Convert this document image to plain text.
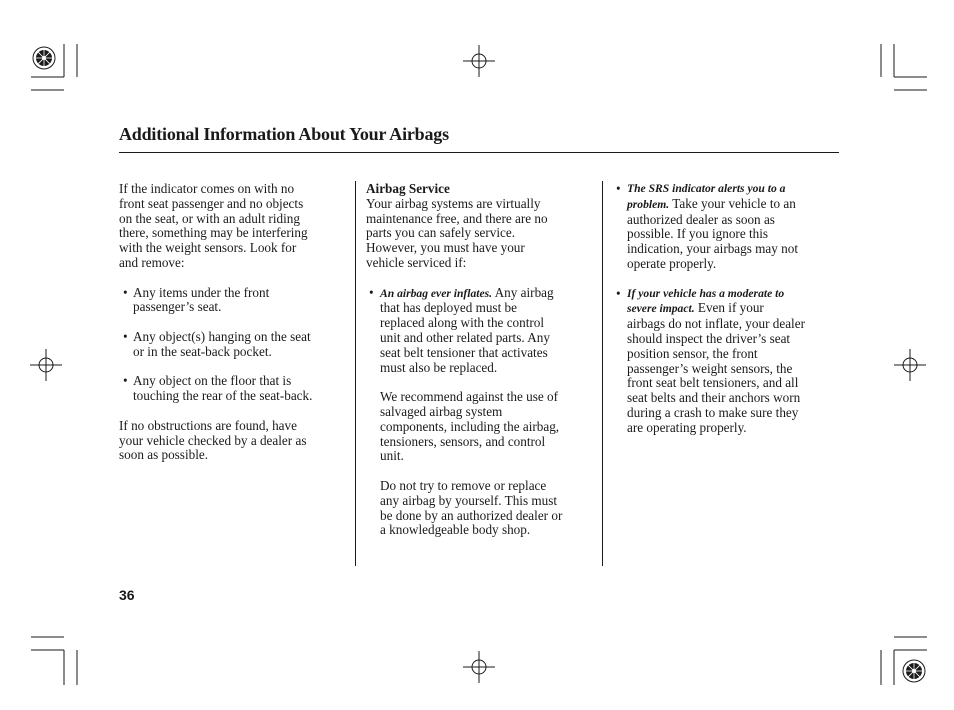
Additional Information About Your Airbags

If the indicator comes on with no
front seat passenger and no objects
on the seat, or with an adult riding
there, something may be interfering
with the weight sensors. Look for
and remove:

• Any items under the front
passenger’s seat.
• Any object(s) hanging on the seat
or in the seat-back pocket.
• Any object on the floor that is
touching the rear of the seat-back.

If no obstructions are found, have
your vehicle checked by a dealer as
soon as possible.

Airbag Service

Your airbag systems are virtually
maintenance free, and there are no
parts you can safely service.
However, you must have your
vehicle serviced if:

• An airbag ever inflates. Any airbag
that has deployed must be
replaced along with the control
unit and other related parts. Any
seat belt tensioner that activates
must also be replaced.

We recommend against the use of
salvaged airbag system
components, including the airbag,
tensioners, sensors, and control
unit.

Do not try to remove or replace
any airbag by yourself. This must
be done by an authorized dealer or
a knowledgeable body shop.

• The SRS indicator alerts you to a
problem. Take your vehicle to an
authorized dealer as soon as
possible. If you ignore this
indication, your airbags may not
operate properly.
• If your vehicle has a moderate to
severe impact. Even if your
airbags do not inflate, your dealer
should inspect the driver’s seat
position sensor, the front
passenger’s weight sensors, the
front seat belt tensioners, and all
seat belts and their anchors worn
during a crash to make sure they
are operating properly.
36
